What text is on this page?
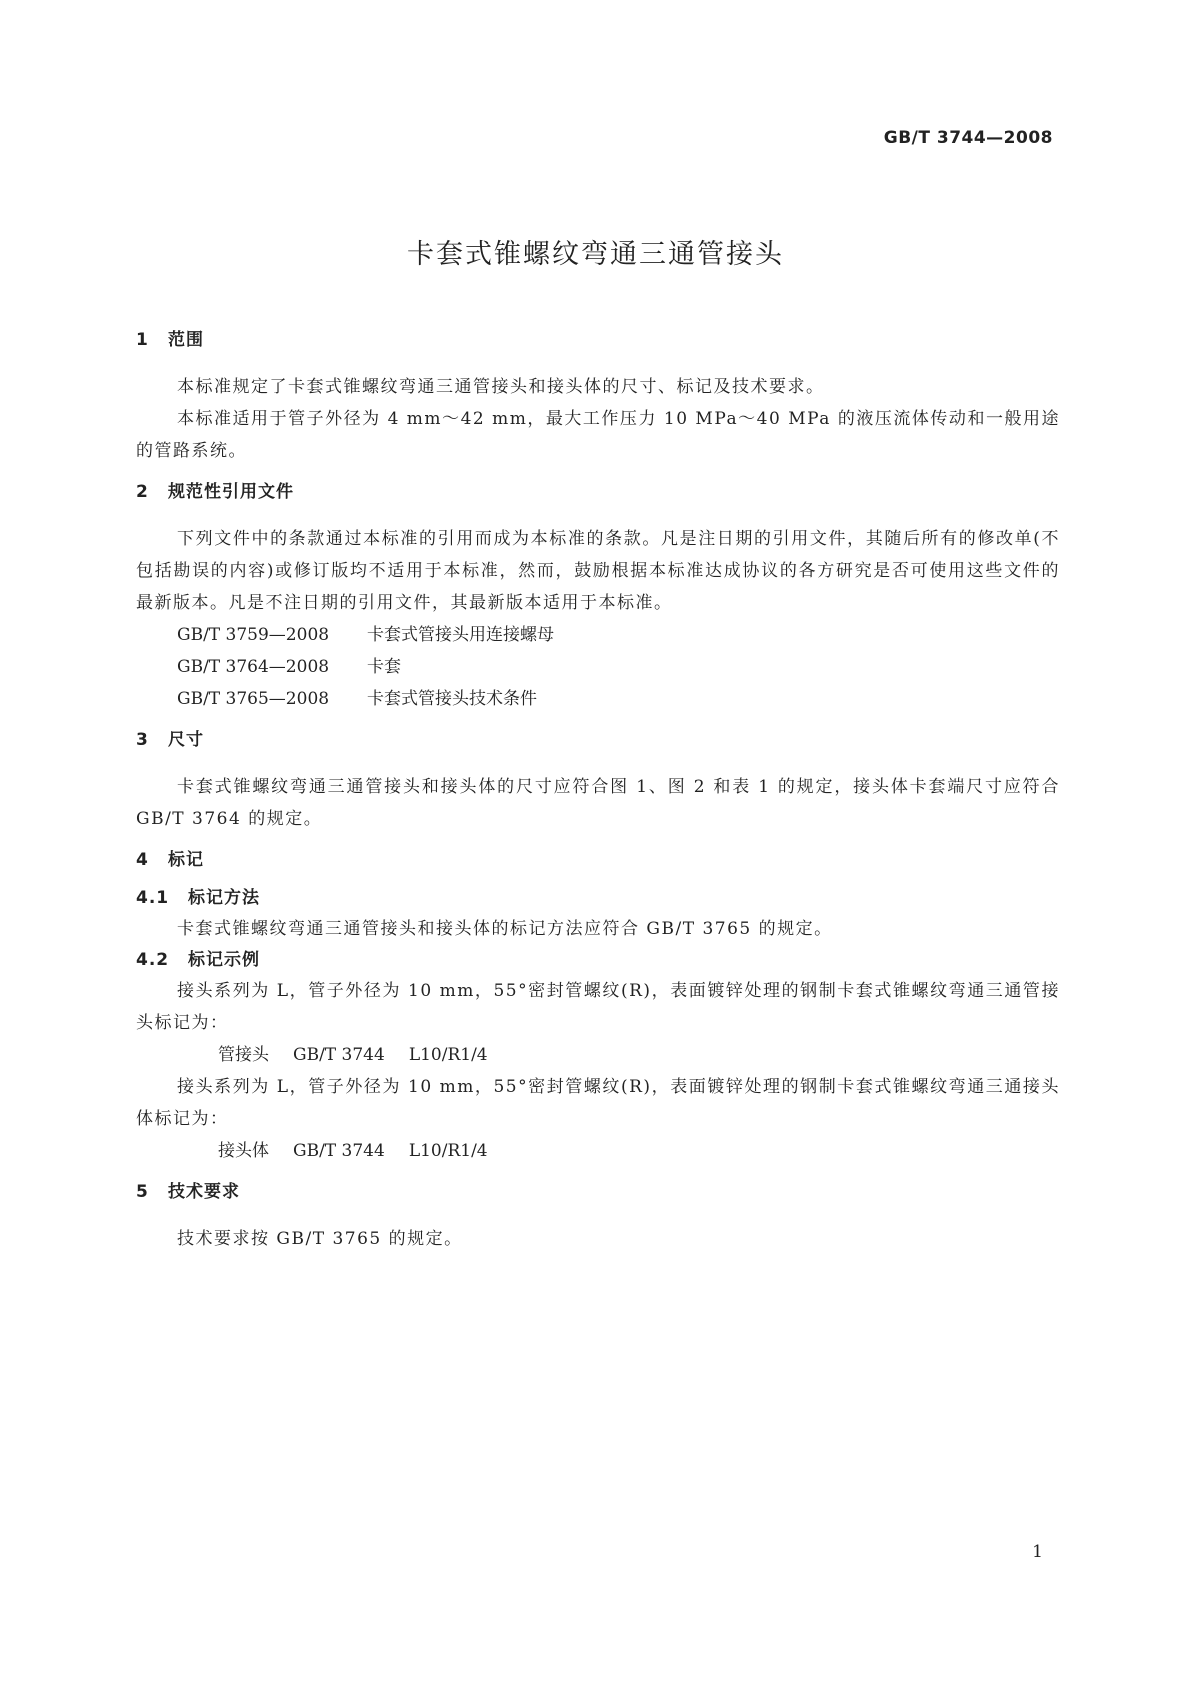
GB/T 3744—2008
卡套式锥螺纹弯通三通管接头
1 范围

本标准规定了卡套式锥螺纹弯通三通管接头和接头体的尺寸、标记及技术要求。

本标准适用于管子外径为 4 mm～42 mm，最大工作压力 10 MPa～40 MPa 的液压流体传动和一般用途的管路系统。

2 规范性引用文件

下列文件中的条款通过本标准的引用而成为本标准的条款。凡是注日期的引用文件，其随后所有的修改单(不包括勘误的内容)或修订版均不适用于本标准，然而，鼓励根据本标准达成协议的各方研究是否可使用这些文件的最新版本。凡是不注日期的引用文件，其最新版本适用于本标准。

GB/T 3759—2008 卡套式管接头用连接螺母

GB/T 3764—2008 卡套

GB/T 3765—2008 卡套式管接头技术条件

3 尺寸

卡套式锥螺纹弯通三通管接头和接头体的尺寸应符合图 1、图 2 和表 1 的规定，接头体卡套端尺寸应符合 GB/T 3764 的规定。

4 标记
4.1 标记方法

卡套式锥螺纹弯通三通管接头和接头体的标记方法应符合 GB/T 3765 的规定。

4.2 标记示例

接头系列为 L，管子外径为 10 mm，55°密封管螺纹(R)，表面镀锌处理的钢制卡套式锥螺纹弯通三通管接头标记为：

管接头 GB/T 3744 L10/R1/4

接头系列为 L，管子外径为 10 mm，55°密封管螺纹(R)，表面镀锌处理的钢制卡套式锥螺纹弯通三通接头体标记为：

接头体 GB/T 3744 L10/R1/4

5 技术要求

技术要求按 GB/T 3765 的规定。

1
